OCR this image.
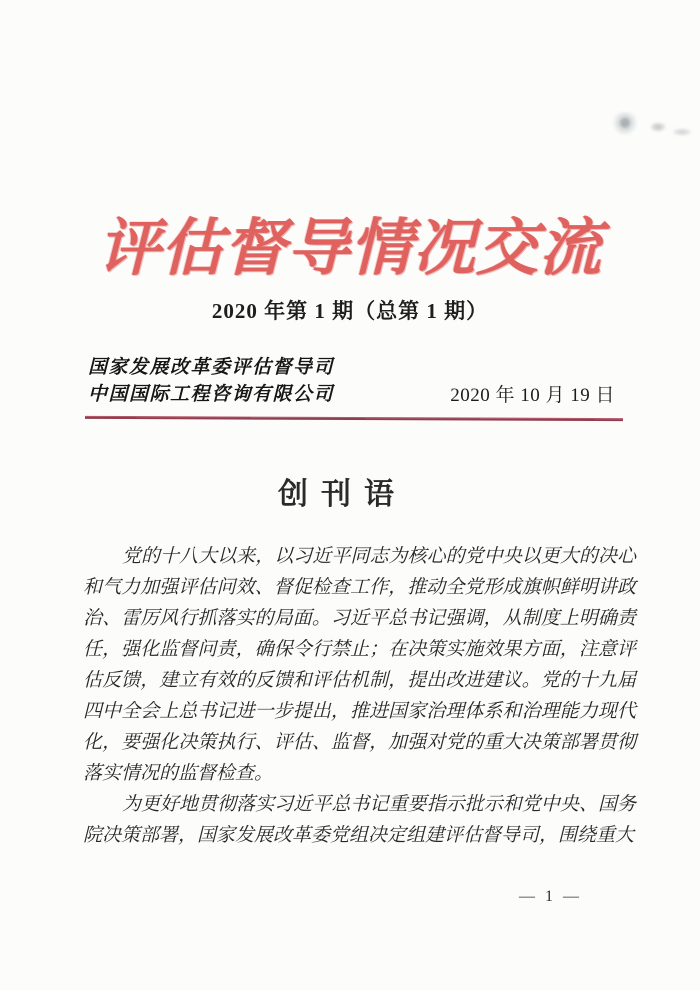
评估督导情况交流
2020 年第 1 期（总第 1 期）
国家发展改革委评估督导司
中国国际工程咨询有限公司	2020 年 10 月 19 日
创刊语
党的十八大以来，以习近平同志为核心的党中央以更大的决心
和气力加强评估问效、督促检查工作，推动全党形成旗帜鲜明讲政
治、雷厉风行抓落实的局面。习近平总书记强调，从制度上明确责
任，强化监督问责，确保令行禁止；在决策实施效果方面，注意评
估反馈，建立有效的反馈和评估机制，提出改进建议。党的十九届
四中全会上总书记进一步提出，推进国家治理体系和治理能力现代
化，要强化决策执行、评估、监督，加强对党的重大决策部署贯彻
落实情况的监督检查。
为更好地贯彻落实习近平总书记重要指示批示和党中央、国务
院决策部署，国家发展改革委党组决定组建评估督导司，围绕重大
— 1 —
